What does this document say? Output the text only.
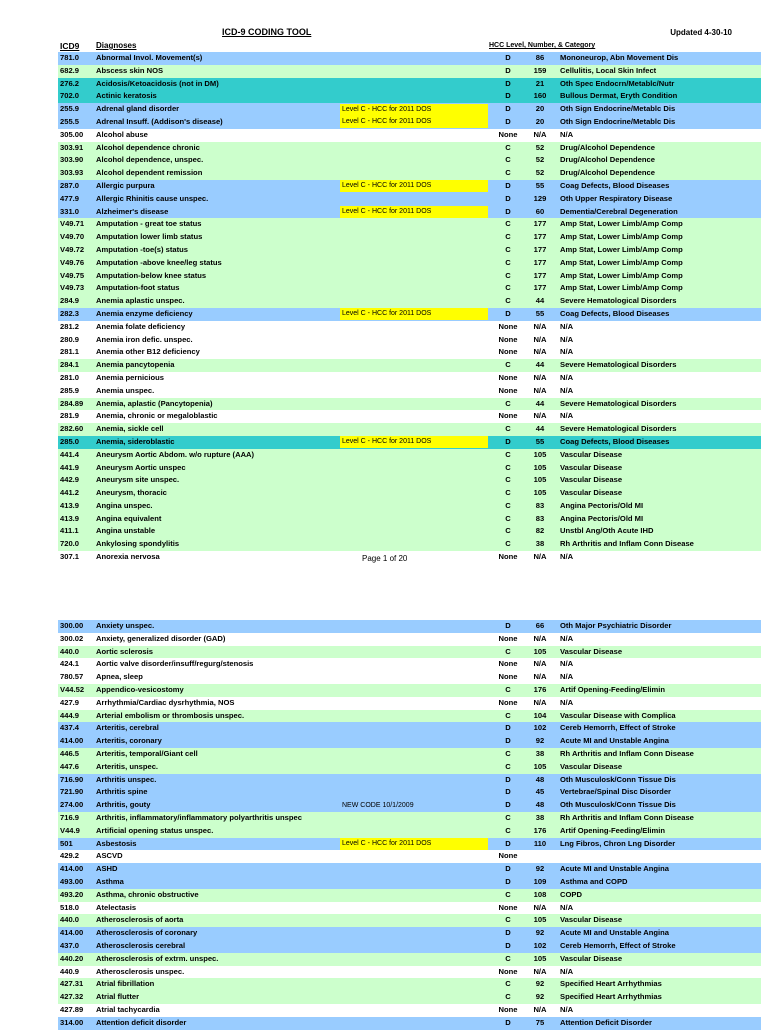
ICD-9 CODING TOOL	Updated 4-30-10
ICD9 Diagnoses	HCC Level, Number, & Category
781.0 Abnormal Invol. Movement(s)	D	86	Mononeurop, Abn Movement Dis
682.9 Abscess skin NOS	D	159	Cellulitis, Local Skin Infect
276.2 Acidosis/Ketoacidosis (not in DM)	D	21	Oth Spec Endocrn/Metablc/Nutr
702.0 Actinic keratosis	D	160	Bullous Dermat, Eryth Condition
255.9 Adrenal gland disorder	Level C - HCC for 2011 DOS	D	20	Oth Sign Endocrine/Metablc Dis
255.5 Adrenal Insuff. (Addison's disease)	Level C - HCC for 2011 DOS	D	20	Oth Sign Endocrine/Metablc Dis
305.00 Alcohol abuse	None	N/A	N/A
303.91 Alcohol dependence chronic	C	52	Drug/Alcohol Dependence
303.90 Alcohol dependence, unspec.	C	52	Drug/Alcohol Dependence
303.93 Alcohol dependent remission	C	52	Drug/Alcohol Dependence
287.0 Allergic purpura	Level C - HCC for 2011 DOS	D	55	Coag Defects, Blood Diseases
477.9 Allergic Rhinitis cause unspec.	D	129	Oth Upper Respiratory Disease
331.0 Alzheimer's disease	Level C - HCC for 2011 DOS	D	60	Dementia/Cerebral Degeneration
V49.71 Amputation - great toe status	C	177	Amp Stat, Lower Limb/Amp Comp
V49.70 Amputation lower limb status	C	177	Amp Stat, Lower Limb/Amp Comp
V49.72 Amputation -toe(s) status	C	177	Amp Stat, Lower Limb/Amp Comp
V49.76 Amputation -above knee/leg status	C	177	Amp Stat, Lower Limb/Amp Comp
V49.75 Amputation-below knee status	C	177	Amp Stat, Lower Limb/Amp Comp
V49.73 Amputation-foot status	C	177	Amp Stat, Lower Limb/Amp Comp
284.9 Anemia aplastic unspec.	C	44	Severe Hematological Disorders
282.3 Anemia enzyme deficiency	Level C - HCC for 2011 DOS	D	55	Coag Defects, Blood Diseases
281.2 Anemia folate deficiency	None	N/A	N/A
280.9 Anemia iron defic. unspec.	None	N/A	N/A
281.1 Anemia other B12 deficiency	None	N/A	N/A
284.1 Anemia pancytopenia	C	44	Severe Hematological Disorders
281.0 Anemia pernicious	None	N/A	N/A
285.9 Anemia unspec.	None	N/A	N/A
284.89 Anemia, aplastic (Pancytopenia)	C	44	Severe Hematological Disorders
281.9 Anemia, chronic or megaloblastic	None	N/A	N/A
282.60 Anemia, sickle cell	C	44	Severe Hematological Disorders
285.0 Anemia, sideroblastic	Level C - HCC for 2011 DOS	D	55	Coag Defects, Blood Diseases
441.4 Aneurysm Aortic Abdom. w/o rupture (AAA)	C	105	Vascular Disease
441.9 Aneurysm Aortic unspec	C	105	Vascular Disease
442.9 Aneurysm site unspec.	C	105	Vascular Disease
441.2 Aneurysm, thoracic	C	105	Vascular Disease
413.9 Angina unspec.	C	83	Angina Pectoris/Old MI
413.9 Angina equivalent	C	83	Angina Pectoris/Old MI
411.1 Angina unstable	C	82	Unstbl Ang/Oth Acute IHD
720.0 Ankylosing spondylitis	C	38	Rh Arthritis and Inflam Conn Disease
307.1 Anorexia nervosa	None	N/A	N/A
Page 1 of 20
300.00 Anxiety unspec.	D	66	Oth Major Psychiatric Disorder
300.02 Anxiety, generalized disorder (GAD)	None	N/A	N/A
440.0 Aortic sclerosis	C	105	Vascular Disease
424.1 Aortic valve disorder/insuff/regurg/stenosis	None	N/A	N/A
780.57 Apnea, sleep	None	N/A	N/A
V44.52 Appendico-vesicostomy	C	176	Artif Opening-Feeding/Elimin
427.9 Arrhythmia/Cardiac dysrhythmia, NOS	None	N/A	N/A
444.9 Arterial embolism or thrombosis unspec.	C	104	Vascular Disease with Complica
437.4 Arteritis, cerebral	D	102	Cereb Hemorrh, Effect of Stroke
414.00 Arteritis, coronary	D	92	Acute MI and Unstable Angina
446.5 Arteritis, temporal/Giant cell	C	38	Rh Arthritis and Inflam Conn Disease
447.6 Arteritis, unspec.	C	105	Vascular Disease
716.90 Arthritis unspec.	D	48	Oth Musculosk/Conn Tissue Dis
721.90 Arthritis spine	D	45	Vertebrae/Spinal Disc Disorder
274.00 Arthritis, gouty	NEW CODE 10/1/2009	D	48	Oth Musculosk/Conn Tissue Dis
716.9 Arthritis, inflammatory/inflammatory polyarthritis unspec	C	38	Rh Arthritis and Inflam Conn Disease
V44.9 Artificial opening status unspec.	C	176	Artif Opening-Feeding/Elimin
501	Asbestosis	Level C - HCC for 2011 DOS	D	110	Lng Fibros, Chron Lng Disorder
429.2 ASCVD	None
414.00 ASHD	D	92	Acute MI and Unstable Angina
493.00 Asthma	D	109	Asthma and COPD
493.20 Asthma, chronic obstructive	C	108	COPD
518.0 Atelectasis	None	N/A	N/A
440.0 Atherosclerosis of aorta	C	105	Vascular Disease
414.00 Atherosclerosis of coronary	D	92	Acute MI and Unstable Angina
437.0 Atherosclerosis cerebral	D	102	Cereb Hemorrh, Effect of Stroke
440.20 Atherosclerosis of extrm. unspec.	C	105	Vascular Disease
440.9 Atherosclerosis unspec.	None	N/A	N/A
427.31 Atrial fibrillation	C	92	Specified Heart Arrhythmias
427.32 Atrial flutter	C	92	Specified Heart Arrhythmias
427.89 Atrial tachycardia	None	N/A	N/A
314.00 Attention deficit disorder	D	75	Attention Deficit Disorder
